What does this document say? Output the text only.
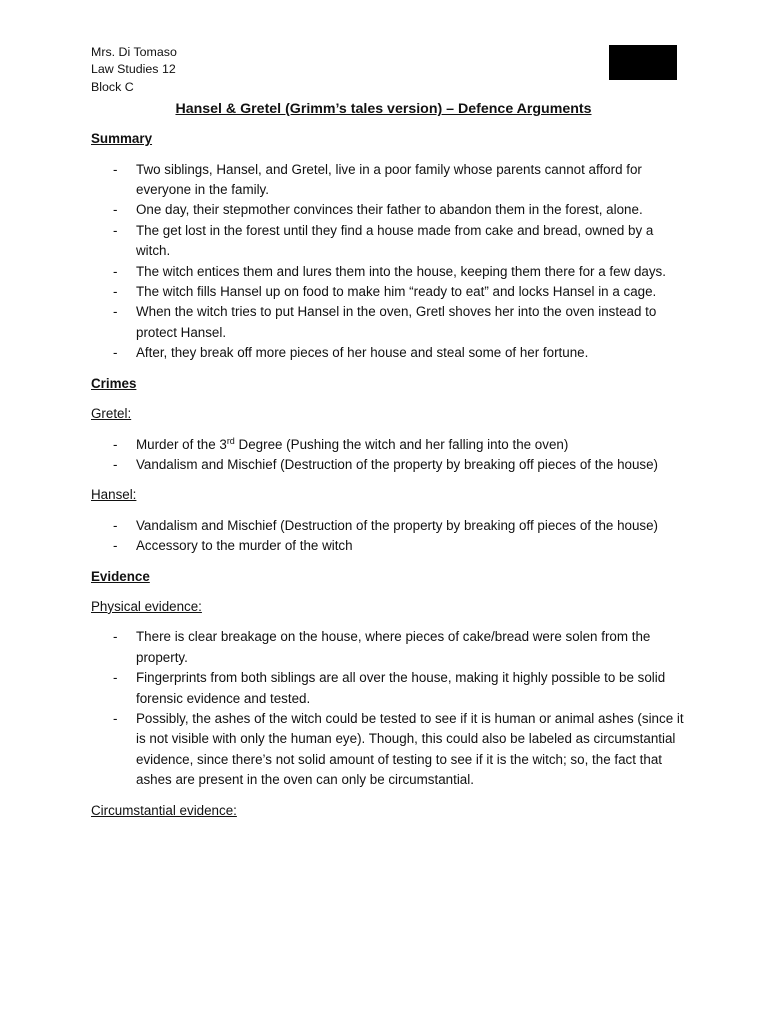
Mrs. Di Tomaso
Law Studies 12
Block C
Hansel & Gretel (Grimm’s tales version) – Defence Arguments
Summary
- Two siblings, Hansel, and Gretel, live in a poor family whose parents cannot afford for everyone in the family.
- One day, their stepmother convinces their father to abandon them in the forest, alone.
- The get lost in the forest until they find a house made from cake and bread, owned by a witch.
- The witch entices them and lures them into the house, keeping them there for a few days.
- The witch fills Hansel up on food to make him “ready to eat” and locks Hansel in a cage.
- When the witch tries to put Hansel in the oven, Gretl shoves her into the oven instead to protect Hansel.
- After, they break off more pieces of her house and steal some of her fortune.
Crimes
Gretel:
- Murder of the 3rd Degree (Pushing the witch and her falling into the oven)
- Vandalism and Mischief (Destruction of the property by breaking off pieces of the house)
Hansel:
- Vandalism and Mischief (Destruction of the property by breaking off pieces of the house)
- Accessory to the murder of the witch
Evidence
Physical evidence:
- There is clear breakage on the house, where pieces of cake/bread were solen from the property.
- Fingerprints from both siblings are all over the house, making it highly possible to be solid forensic evidence and tested.
- Possibly, the ashes of the witch could be tested to see if it is human or animal ashes (since it is not visible with only the human eye). Though, this could also be labeled as circumstantial evidence, since there’s not solid amount of testing to see if it is the witch; so, the fact that ashes are present in the oven can only be circumstantial.
Circumstantial evidence:
